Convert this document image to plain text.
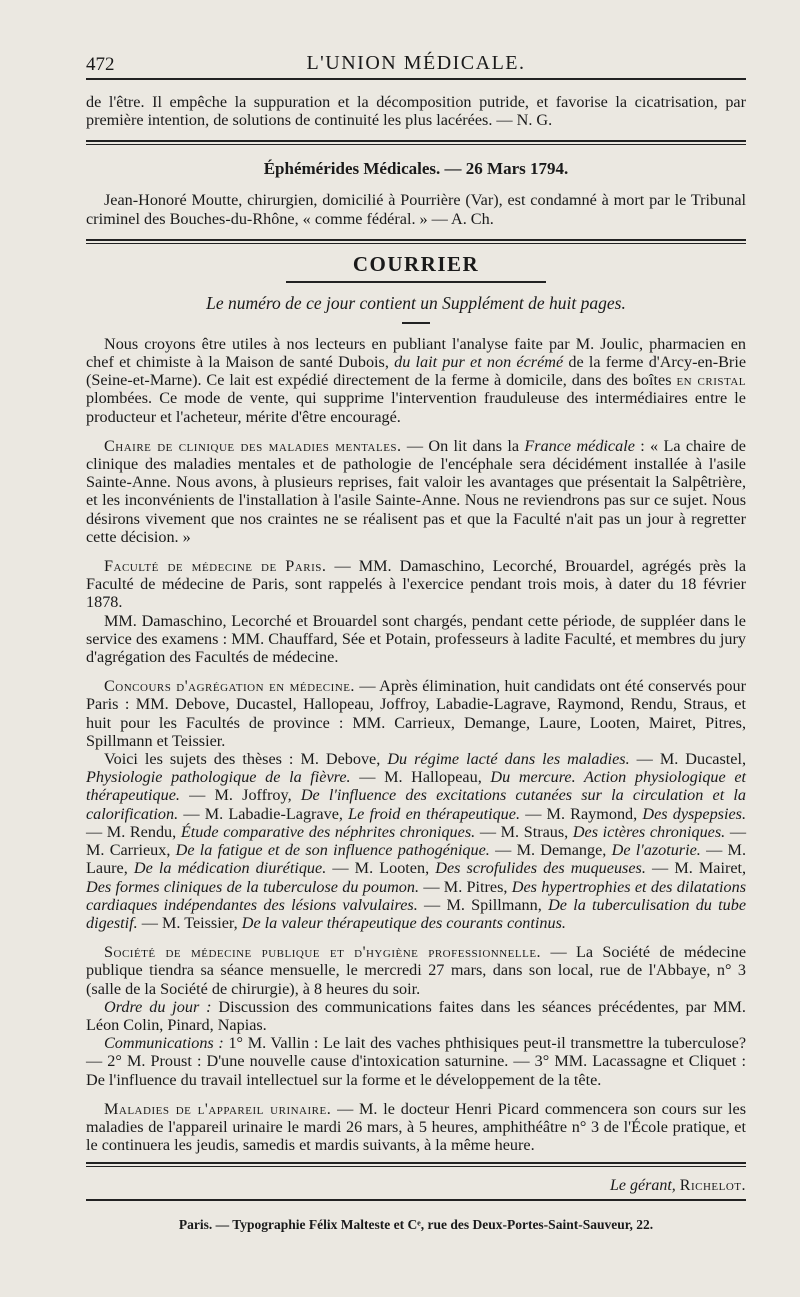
472	L'UNION MÉDICALE.

de l'être. Il empêche la suppuration et la décomposition putride, et favorise la cicatrisation, par première intention, de solutions de continuité les plus lacérées. — N. G.

Éphémérides Médicales. — 26 Mars 1794.

Jean-Honoré Moutte, chirurgien, domicilié à Pourrière (Var), est condamné à mort par le Tribunal criminel des Bouches-du-Rhône, « comme fédéral. » — A. Ch.

COURRIER
Le numéro de ce jour contient un Supplément de huit pages.

Nous croyons être utiles à nos lecteurs en publiant l'analyse faite par M. Joulic, pharmacien en chef et chimiste à la Maison de santé Dubois, du lait pur et non écrémé de la ferme d'Arcy-en-Brie (Seine-et-Marne). Ce lait est expédié directement de la ferme à domicile, dans des boîtes en cristal plombées. Ce mode de vente, qui supprime l'intervention frauduleuse des intermédiaires entre le producteur et l'acheteur, mérite d'être encouragé.

Chaire de clinique des maladies mentales. — On lit dans la France médicale : « La chaire de clinique des maladies mentales et de pathologie de l'encéphale sera décidément installée à l'asile Sainte-Anne. Nous avons, à plusieurs reprises, fait valoir les avantages que présentait la Salpêtrière, et les inconvénients de l'installation à l'asile Sainte-Anne. Nous ne reviendrons pas sur ce sujet. Nous désirons vivement que nos craintes ne se réalisent pas et que la Faculté n'ait pas un jour à regretter cette décision. »

Faculté de médecine de Paris. — MM. Damaschino, Lecorché, Brouardel, agrégés près la Faculté de médecine de Paris, sont rappelés à l'exercice pendant trois mois, à dater du 18 février 1878.

MM. Damaschino, Lecorché et Brouardel sont chargés, pendant cette période, de suppléer dans le service des examens : MM. Chauffard, Sée et Potain, professeurs à ladite Faculté, et membres du jury d'agrégation des Facultés de médecine.

Concours d'agrégation en médecine. — Après élimination, huit candidats ont été conservés pour Paris : MM. Debove, Ducastel, Hallopeau, Joffroy, Labadie-Lagrave, Raymond, Rendu, Straus, et huit pour les Facultés de province : MM. Carrieux, Demange, Laure, Looten, Mairet, Pitres, Spillmann et Teissier.

Voici les sujets des thèses : M. Debove, Du régime lacté dans les maladies. — M. Ducastel, Physiologie pathologique de la fièvre. — M. Hallopeau, Du mercure. Action physiologique et thérapeutique. — M. Joffroy, De l'influence des excitations cutanées sur la circulation et la calorification. — M. Labadie-Lagrave, Le froid en thérapeutique. — M. Raymond, Des dyspepsies. — M. Rendu, Étude comparative des néphrites chroniques. — M. Straus, Des ictères chroniques. — M. Carrieux, De la fatigue et de son influence pathogénique. — M. Demange, De l'azoturie. — M. Laure, De la médication diurétique. — M. Looten, Des scrofulides des muqueuses. — M. Mairet, Des formes cliniques de la tuberculose du poumon. — M. Pitres, Des hypertrophies et des dilatations cardiaques indépendantes des lésions valvulaires. — M. Spillmann, De la tuberculisation du tube digestif. — M. Teissier, De la valeur thérapeutique des courants continus.

Société de médecine publique et d'hygiène professionnelle. — La Société de médecine publique tiendra sa séance mensuelle, le mercredi 27 mars, dans son local, rue de l'Abbaye, n° 3 (salle de la Société de chirurgie), à 8 heures du soir.

Ordre du jour : Discussion des communications faites dans les séances précédentes, par MM. Léon Colin, Pinard, Napias.

Communications : 1° M. Vallin : Le lait des vaches phthisiques peut-il transmettre la tuberculose? — 2° M. Proust : D'une nouvelle cause d'intoxication saturnine. — 3° MM. Lacassagne et Cliquet : De l'influence du travail intellectuel sur la forme et le développement de la tête.

Maladies de l'appareil urinaire. — M. le docteur Henri Picard commencera son cours sur les maladies de l'appareil urinaire le mardi 26 mars, à 5 heures, amphithéâtre n° 3 de l'École pratique, et le continuera les jeudis, samedis et mardis suivants, à la même heure.

Le gérant, Richelot.
Paris. — Typographie Félix Malteste et Cᵉ, rue des Deux-Portes-Saint-Sauveur, 22.
